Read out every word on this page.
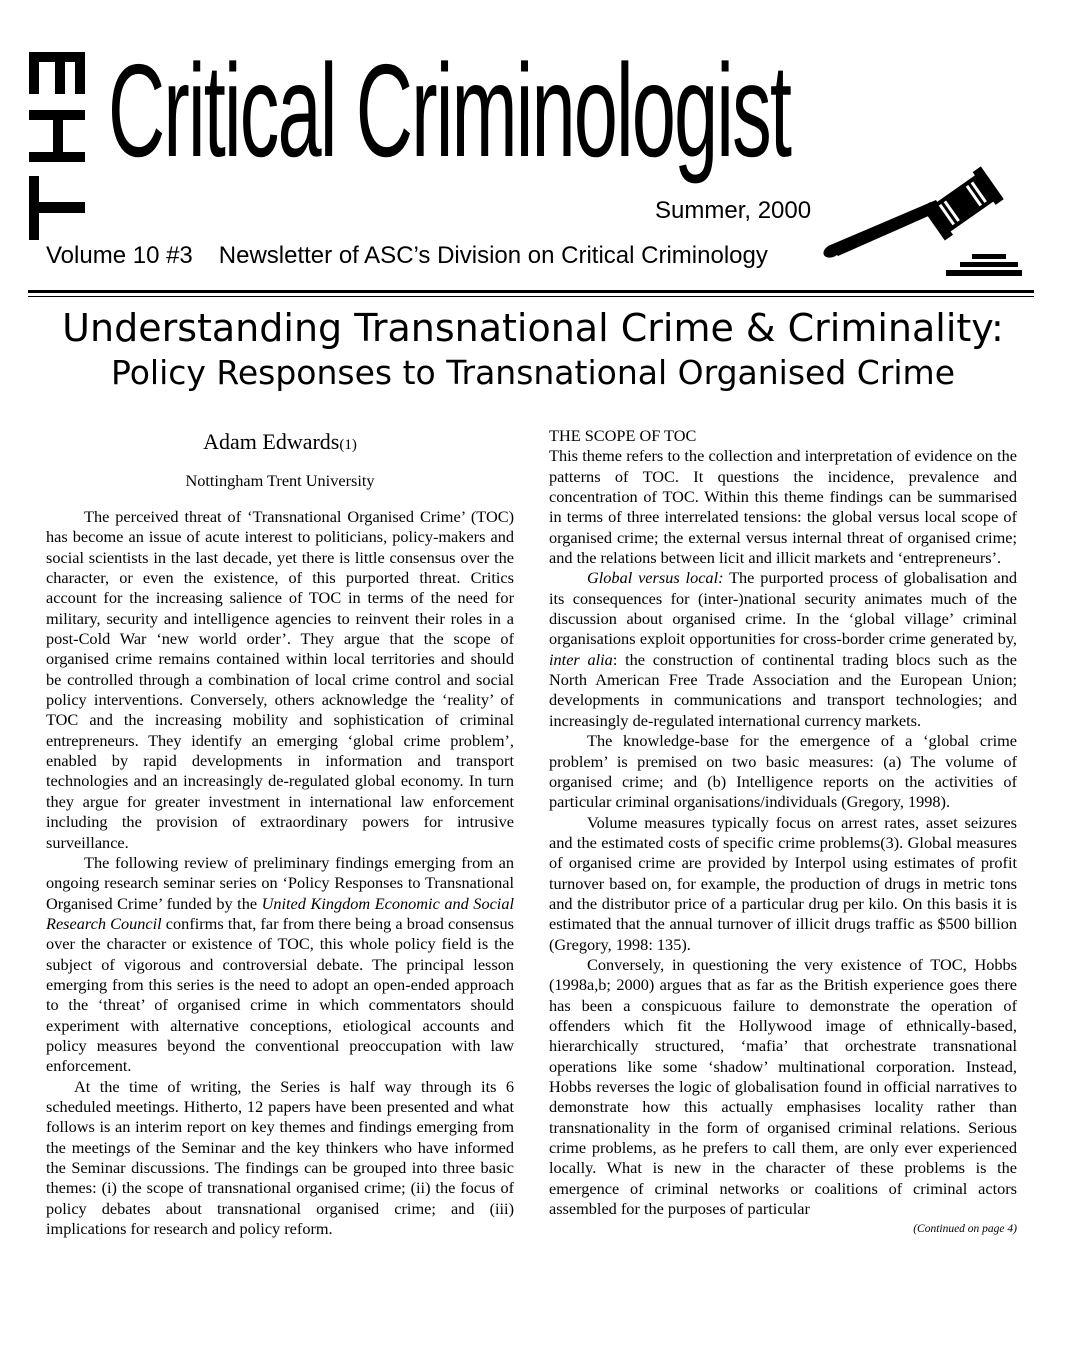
Critical Criminologist
Summer, 2000
Volume 10 #3 Newsletter of ASC’s Division on Critical Criminology
Understanding Transnational Crime & Criminality:
Policy Responses to Transnational Organised Crime

Adam Edwards(1)

Nottingham Trent University

The perceived threat of ‘Transnational Organised Crime’ (TOC) has become an issue of acute interest to politicians, policy-makers and social scientists in the last decade, yet there is little consensus over the character, or even the existence, of this purported threat. Critics account for the increasing salience of TOC in terms of the need for military, security and intelligence agencies to reinvent their roles in a post-Cold War ‘new world order’. They argue that the scope of organised crime remains contained within local territories and should be controlled through a combination of local crime control and social policy interventions. Conversely, others acknowledge the ‘reality’ of TOC and the increasing mobility and sophistication of criminal entrepreneurs. They identify an emerging ‘global crime problem’, enabled by rapid developments in information and transport technologies and an increasingly de-regulated global economy. In turn they argue for greater investment in international law enforcement including the provision of extraordinary powers for intrusive surveillance.

The following review of preliminary findings emerging from an ongoing research seminar series on ‘Policy Responses to Transnational Organised Crime’ funded by the United Kingdom Economic and Social Research Council confirms that, far from there being a broad consensus over the character or existence of TOC, this whole policy field is the subject of vigorous and controversial debate. The principal lesson emerging from this series is the need to adopt an open-ended approach to the ‘threat’ of organised crime in which commentators should experiment with alternative conceptions, etiological accounts and policy measures beyond the conventional preoccupation with law enforcement.

At the time of writing, the Series is half way through its 6 scheduled meetings. Hitherto, 12 papers have been presented and what follows is an interim report on key themes and findings emerging from the meetings of the Seminar and the key thinkers who have informed the Seminar discussions. The findings can be grouped into three basic themes: (i) the scope of transnational organised crime; (ii) the focus of policy debates about transnational organised crime; and (iii) implications for research and policy reform.

THE SCOPE OF TOC

This theme refers to the collection and interpretation of evidence on the patterns of TOC. It questions the incidence, prevalence and concentration of TOC. Within this theme findings can be summarised in terms of three interrelated tensions: the global versus local scope of organised crime; the external versus internal threat of organised crime; and the relations between licit and illicit markets and ‘entrepreneurs’.

Global versus local: The purported process of globalisation and its consequences for (inter-)national security animates much of the discussion about organised crime. In the ‘global village’ criminal organisations exploit opportunities for cross-border crime generated by, inter alia: the construction of continental trading blocs such as the North American Free Trade Association and the European Union; developments in communications and transport technologies; and increasingly de-regulated international currency markets.

The knowledge-base for the emergence of a ‘global crime problem’ is premised on two basic measures: (a) The volume of organised crime; and (b) Intelligence reports on the activities of particular criminal organisations/individuals (Gregory, 1998).

Volume measures typically focus on arrest rates, asset seizures and the estimated costs of specific crime problems(3). Global measures of organised crime are provided by Interpol using estimates of profit turnover based on, for example, the production of drugs in metric tons and the distributor price of a particular drug per kilo. On this basis it is estimated that the annual turnover of illicit drugs traffic as $500 billion (Gregory, 1998: 135).

Conversely, in questioning the very existence of TOC, Hobbs (1998a,b; 2000) argues that as far as the British experience goes there has been a conspicuous failure to demonstrate the operation of offenders which fit the Hollywood image of ethnically-based, hierarchically structured, ‘mafia’ that orchestrate transnational operations like some ‘shadow’ multinational corporation. Instead, Hobbs reverses the logic of globalisation found in official narratives to demonstrate how this actually emphasises locality rather than transnationality in the form of organised criminal relations. Serious crime problems, as he prefers to call them, are only ever experienced locally. What is new in the character of these problems is the emergence of criminal networks or coalitions of criminal actors assembled for the purposes of particular

(Continued on page 4)
